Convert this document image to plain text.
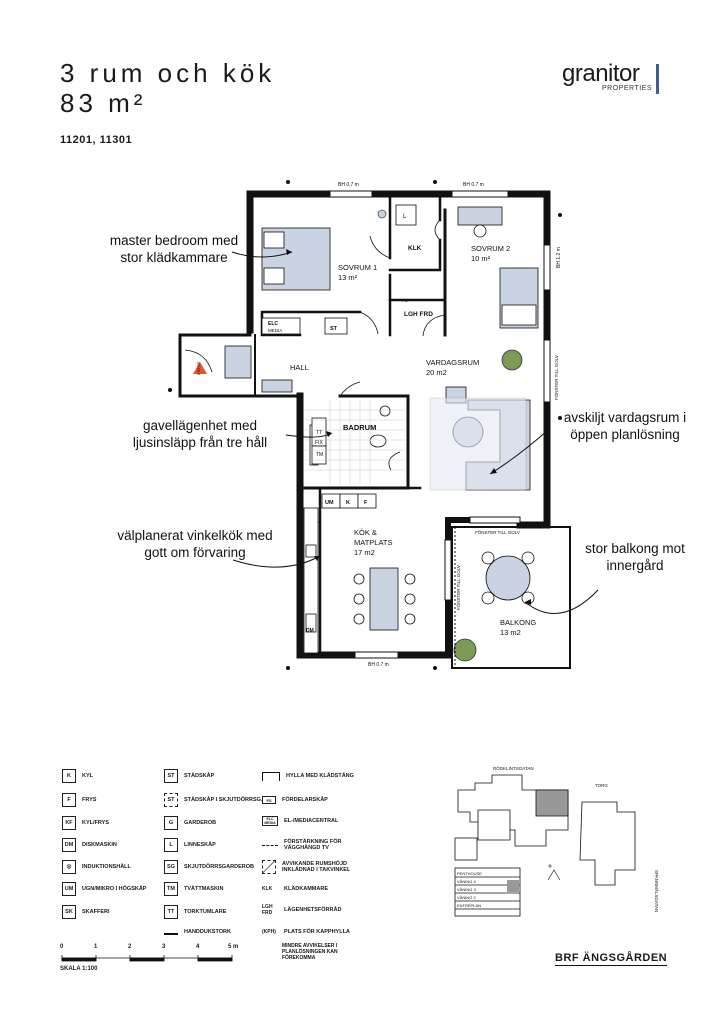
3 rum och kök
83 m²
11201, 11301
granitor
PROPERTIES
SOVRUM 1
13 m²
SOVRUM 2
10 m²
KLK
LGH FRD
VARDAGSRUM
20 m2
HALL
BADRUM
KÖK &
MATPLATS
17 m2
BALKONG
13 m2
BH 0.7 m	BH 0.7 m
BH 1.2 m
BH 0.7 m
FÖNSTER TILL GOLV
FÖNSTER TILL GOLV
FÖNSTER TILL GOLV
ELC
MEDIA	ST
FS
L
TT
FIX
TM
UM K	F
DM
ENTRÉ
RÖDKLINTSGATAN
TORG
SPANNMÅLSGATAN
PENTHOUSE
VÅNING 4
VÅNING 3
VÅNING 2
ENTRÉPLAN
master bedroom med stor klädkammare
gavellägenhet med ljusinsläpp från tre håll
avskiljt vardagsrum i öppen planlösning
välplanerat vinkelkök med gott om förvaring	stor balkong mot innergård
K	KYL
F	FRYS
KF	KYL/FRYS
DM	DISKMASKIN
◎	INDUKTIONSHÄLL
UM	UGN/MIKRO I HÖGSKÅP
SK	SKAFFERI
ST	STÄDSKÅP
ST	STÄDSKÅP I SKJUTDÖRRSG.
G	GARDEROB
L	LINNESKÅP
SG	SKJUTDÖRRSGARDEROB
TM	TVÄTTMASKIN
TT	TORKTUMLARE
HANDDUKSTORK
HYLLA MED KLÄDSTÅNG
FS	FÖRDELARSKÅP
ELC MEDIA	EL-/MEDIACENTRAL
FÖRSTÄRKNING FÖR VÄGGHÄNGD TV
AVVIKANDE RUMSHÖJD INKLÄDNAD I TAKVINKEL
KLK	KLÄDKAMMARE
LGH FRD	LÄGENHETSFÖRRÅD
(KPH)	PLATS FÖR KAPPHYLLA
MINDRE AVVIKELSER I PLANLÖSNINGEN KAN FÖREKOMMA
0	1	2	3	4	5 m
SKALA 1:100
BRF ÄNGSGÅRDEN
